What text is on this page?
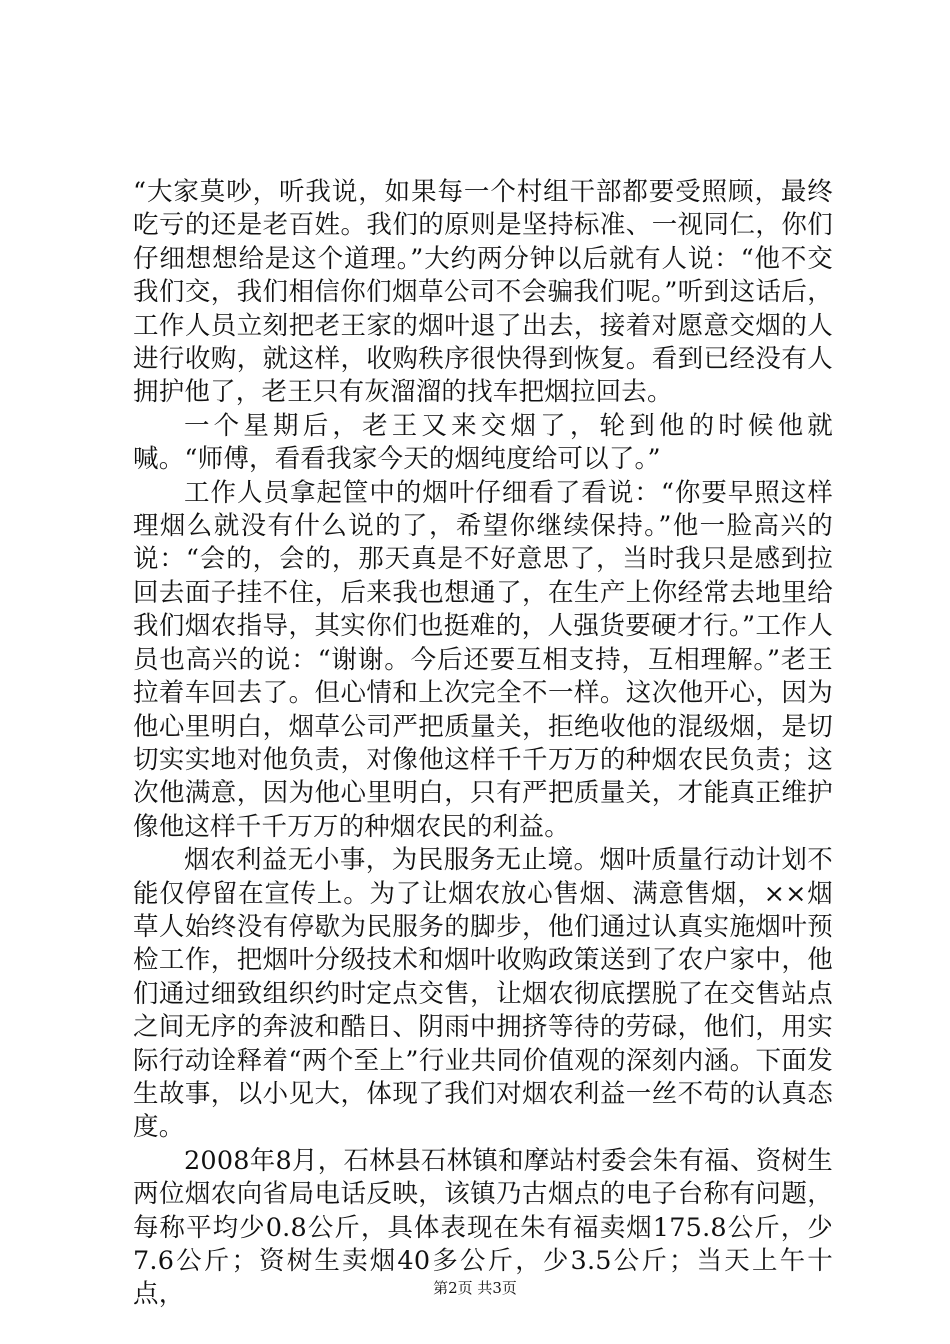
“大家莫吵，听我说，如果每一个村组干部都要受照顾，最终吃亏的还是老百姓。我们的原则是坚持标准、一视同仁，你们仔细想想给是这个道理。”大约两分钟以后就有人说：“他不交我们交，我们相信你们烟草公司不会骗我们呢。”听到这话后，工作人员立刻把老王家的烟叶退了出去，接着对愿意交烟的人进行收购，就这样，收购秩序很快得到恢复。看到已经没有人拥护他了，老王只有灰溜溜的找车把烟拉回去。

一个星期后，老王又来交烟了，轮到他的时候他就喊。“师傅，看看我家今天的烟纯度给可以了。”

工作人员拿起筐中的烟叶仔细看了看说：“你要早照这样理烟么就没有什么说的了，希望你继续保持。”他一脸高兴的说：“会的，会的，那天真是不好意思了，当时我只是感到拉回去面子挂不住，后来我也想通了，在生产上你经常去地里给我们烟农指导，其实你们也挺难的，人强货要硬才行。”工作人员也高兴的说：“谢谢。今后还要互相支持，互相理解。”老王拉着车回去了。但心情和上次完全不一样。这次他开心，因为他心里明白，烟草公司严把质量关，拒绝收他的混级烟，是切切实实地对他负责，对像他这样千千万万的种烟农民负责；这次他满意，因为他心里明白，只有严把质量关，才能真正维护像他这样千千万万的种烟农民的利益。

烟农利益无小事，为民服务无止境。烟叶质量行动计划不能仅停留在宣传上。为了让烟农放心售烟、满意售烟，××烟草人始终没有停歇为民服务的脚步，他们通过认真实施烟叶预检工作，把烟叶分级技术和烟叶收购政策送到了农户家中，他们通过细致组织约时定点交售，让烟农彻底摆脱了在交售站点之间无序的奔波和酷日、阴雨中拥挤等待的劳碌，他们，用实际行动诠释着“两个至上”行业共同价值观的深刻内涵。下面发生故事，以小见大，体现了我们对烟农利益一丝不苟的认真态度。

2008年8月，石林县石林镇和摩站村委会朱有福、资树生两位烟农向省局电话反映，该镇乃古烟点的电子台称有问题，每称平均少0.8公斤，具体表现在朱有福卖烟175.8公斤，少7.6公斤；资树生卖烟40多公斤，少3.5公斤；当天上午十点，	第2页 共3页
